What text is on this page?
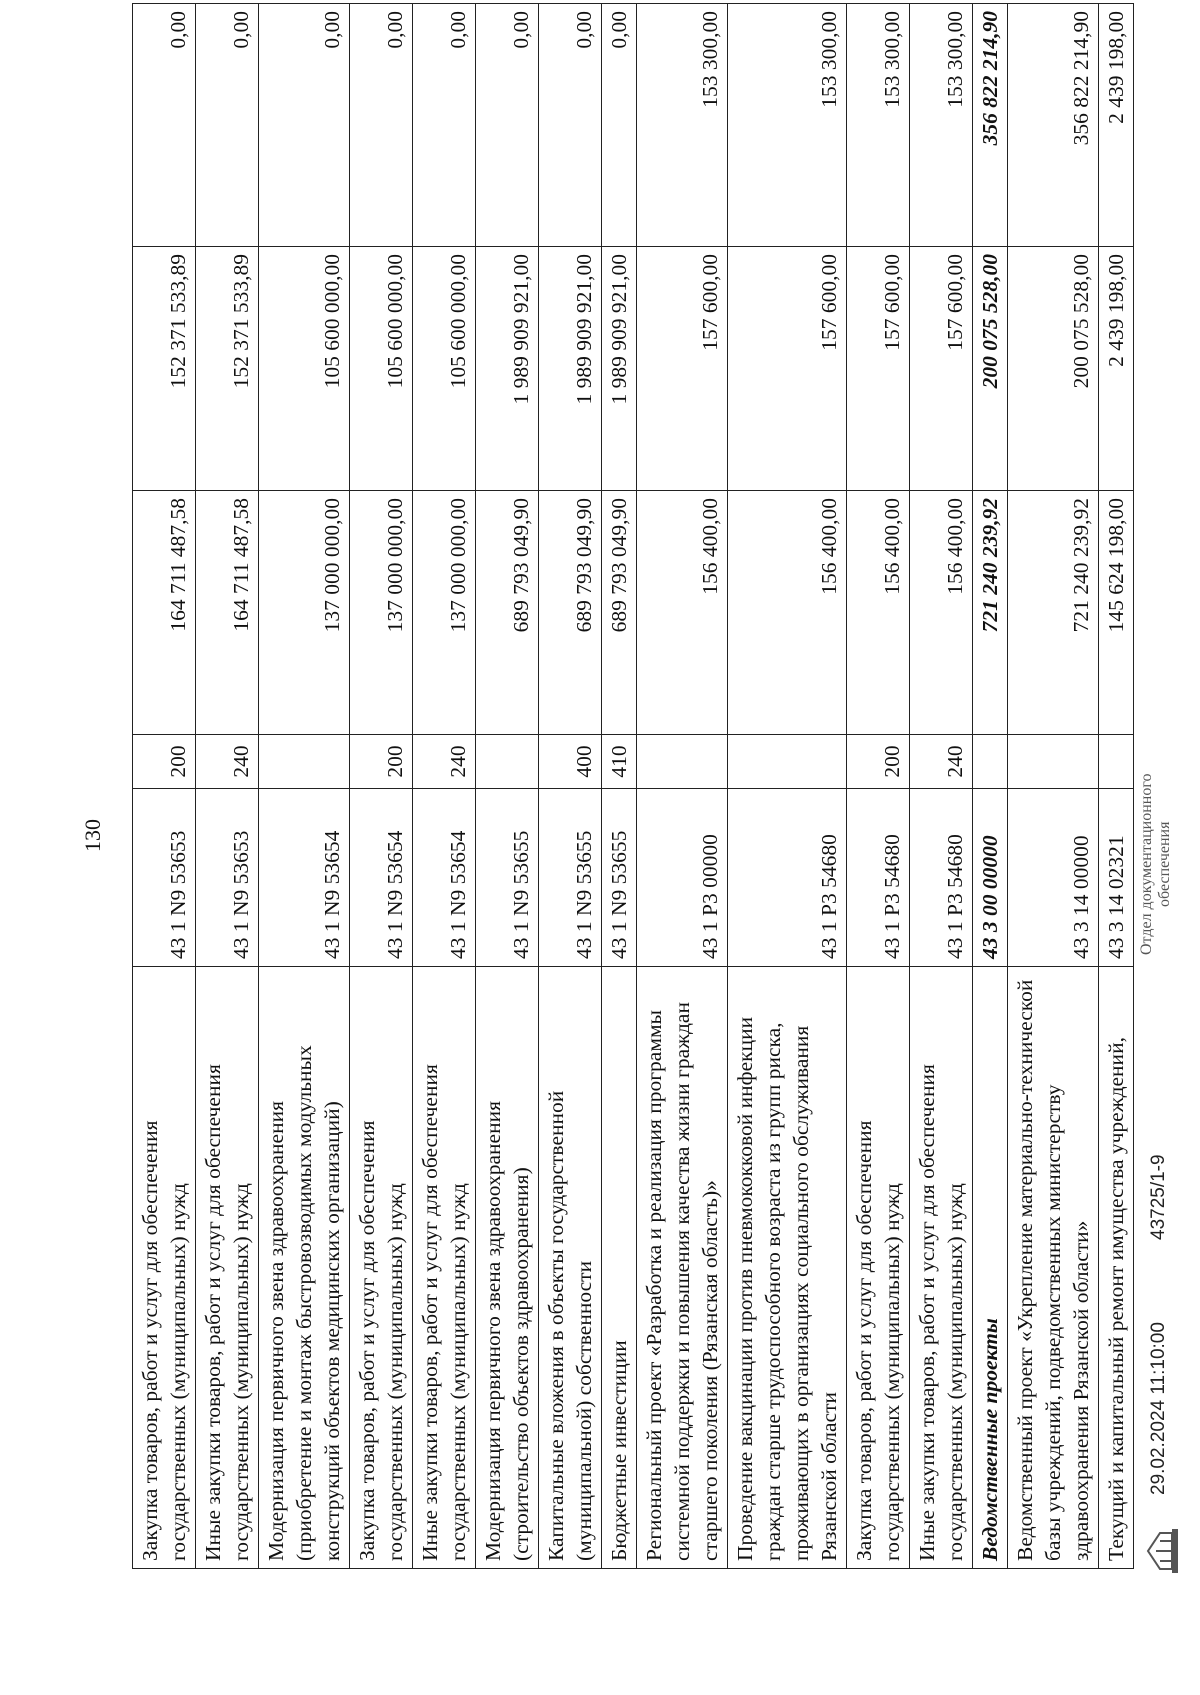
130
Закупка товаров, работ и услуг для обеспечения государственных (муниципальных) нужд	43 1 N9 53653	200	164 711 487,58	152 371 533,89	0,00
Иные закупки товаров, работ и услуг для обеспечения государственных (муниципальных) нужд	43 1 N9 53653	240	164 711 487,58	152 371 533,89	0,00
Модернизация первичного звена здравоохранения (приобретение и монтаж быстровозводимых модульных конструкций объектов медицинских организаций)	43 1 N9 53654		137 000 000,00	105 600 000,00	0,00
Закупка товаров, работ и услуг для обеспечения государственных (муниципальных) нужд	43 1 N9 53654	200	137 000 000,00	105 600 000,00	0,00
Иные закупки товаров, работ и услуг для обеспечения государственных (муниципальных) нужд	43 1 N9 53654	240	137 000 000,00	105 600 000,00	0,00
Модернизация первичного звена здравоохранения (строительство объектов здравоохранения)	43 1 N9 53655		689 793 049,90	1 989 909 921,00	0,00
Капитальные вложения в объекты государственной (муниципальной) собственности	43 1 N9 53655	400	689 793 049,90	1 989 909 921,00	0,00
Бюджетные инвестиции	43 1 N9 53655	410	689 793 049,90	1 989 909 921,00	0,00
Региональный проект «Разработка и реализация программы системной поддержки и повышения качества жизни граждан старшего поколения (Рязанская область)»	43 1 P3 00000		156 400,00	157 600,00	153 300,00
Проведение вакцинации против пневмококковой инфекции граждан старше трудоспособного возраста из групп риска, проживающих в организациях социального обслуживания Рязанской области	43 1 P3 54680		156 400,00	157 600,00	153 300,00
Закупка товаров, работ и услуг для обеспечения государственных (муниципальных) нужд	43 1 P3 54680	200	156 400,00	157 600,00	153 300,00
Иные закупки товаров, работ и услуг для обеспечения государственных (муниципальных) нужд	43 1 P3 54680	240	156 400,00	157 600,00	153 300,00
Ведомственные проекты	43 3 00 00000		721 240 239,92	200 075 528,00	356 822 214,90
Ведомственный проект «Укрепление материально-технической базы учреждений, подведомственных министерству здравоохранения Рязанской области»	43 3 14 00000		721 240 239,92	200 075 528,00	356 822 214,90
Текущий и капитальный ремонт имущества учреждений,	43 3 14 02321		145 624 198,00	2 439 198,00	2 439 198,00
29.02.2024 11:10:00
43725/1-9
Отдел документационного обеспечения
